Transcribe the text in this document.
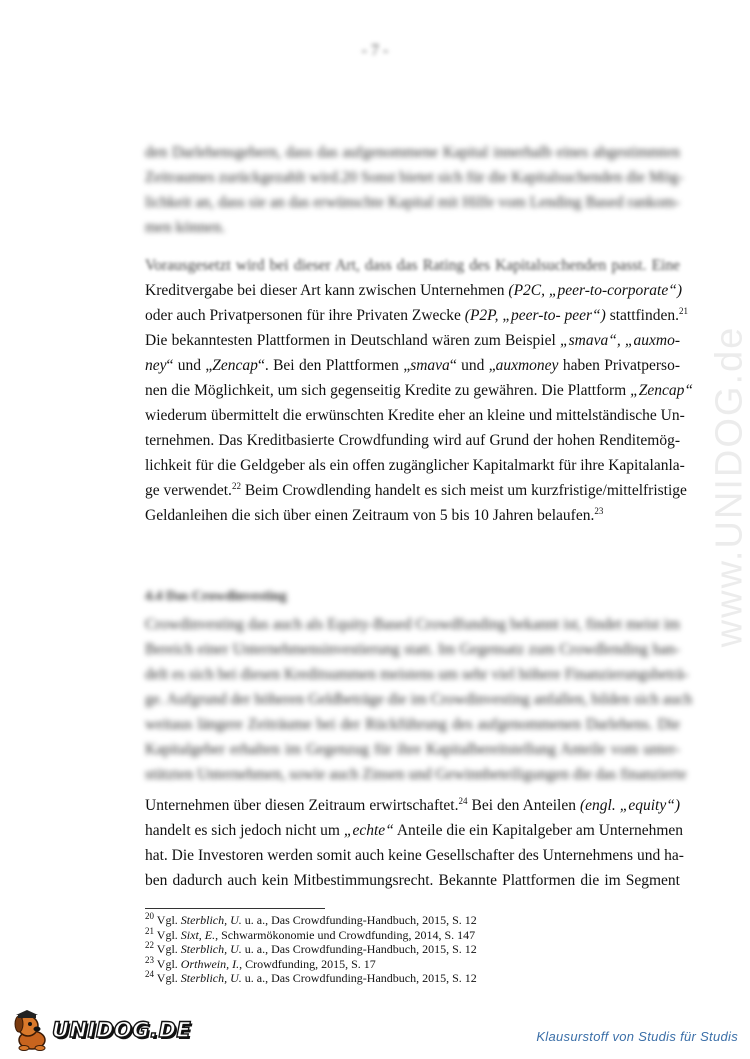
- 7 -

den Darlehensgebern, dass das aufgenommene Kapital innerhalb eines abgestimmten
Zeitraumes zurückgezahlt wird.20 Sonst bietet sich für die Kapitalsuchenden die Mög-
lichkeit an, dass sie an das erwünschte Kapital mit Hilfe vom Lending Based rankom-
men können.

Vorausgesetzt wird bei dieser Art, dass das Rating des Kapitalsuchenden passt. Eine
Kreditvergabe bei dieser Art kann zwischen Unternehmen (P2C, „peer-to-corporate“)
oder auch Privatpersonen für ihre Privaten Zwecke (P2P, „peer-to- peer“) stattfinden.$^{21}$
Die bekanntesten Plattformen in Deutschland wären zum Beispiel „smava“, „auxmo-
ney“ und „Zencap“. Bei den Plattformen „smava“ und „auxmoney haben Privatperso-
nen die Möglichkeit, um sich gegenseitig Kredite zu gewähren. Die Plattform „Zencap“
wiederum übermittelt die erwünschten Kredite eher an kleine und mittelständische Un-
ternehmen. Das Kreditbasierte Crowdfunding wird auf Grund der hohen Renditemög-
lichkeit für die Geldgeber als ein offen zugänglicher Kapitalmarkt für ihre Kapitalanla-
ge verwendet.$^{22}$ Beim Crowdlending handelt es sich meist um kurzfristige/mittelfristige
Geldanleihen die sich über einen Zeitraum von 5 bis 10 Jahren belaufen.$^{23}$

4.4 Das Crowdinvesting

Crowdinvesting das auch als Equity-Based Crowdfunding bekannt ist, findet meist im
Bereich einer Unternehmensinvestierung statt. Im Gegensatz zum Crowdlending han-
delt es sich bei diesen Kreditsummen meistens um sehr viel höhere Finanzierungsbeträ-
ge. Aufgrund der höheren Geldbeträge die im Crowdinvesting anfallen, bilden sich auch
weitaus längere Zeiträume bei der Rückführung des aufgenommenen Darlehens. Die
Kapitalgeber erhalten im Gegenzug für ihre Kapitalbereitstellung Anteile vom unter-
stützten Unternehmen, sowie auch Zinsen und Gewinnbeteiligungen die das finanzierte

Unternehmen über diesen Zeitraum erwirtschaftet.$^{24}$ Bei den Anteilen (engl. „equity“)
handelt es sich jedoch nicht um „echte“ Anteile die ein Kapitalgeber am Unternehmen
hat. Die Investoren werden somit auch keine Gesellschafter des Unternehmens und ha-
ben dadurch auch kein Mitbestimmungsrecht. Bekannte Plattformen die im Segment

$^{20}$ Vgl. Sterblich, U. u. a., Das Crowdfunding-Handbuch, 2015, S. 12
$^{21}$ Vgl. Sixt, E., Schwarmökonomie und Crowdfunding, 2014, S. 147
$^{22}$ Vgl. Sterblich, U. u. a., Das Crowdfunding-Handbuch, 2015, S. 12
$^{23}$ Vgl. Orthwein, I., Crowdfunding, 2015, S. 17
$^{24}$ Vgl. Sterblich, U. u. a., Das Crowdfunding-Handbuch, 2015, S. 12
www.UNIDOG.de
UNIDOG.DE	Klausurstoff von Studis für Studis
